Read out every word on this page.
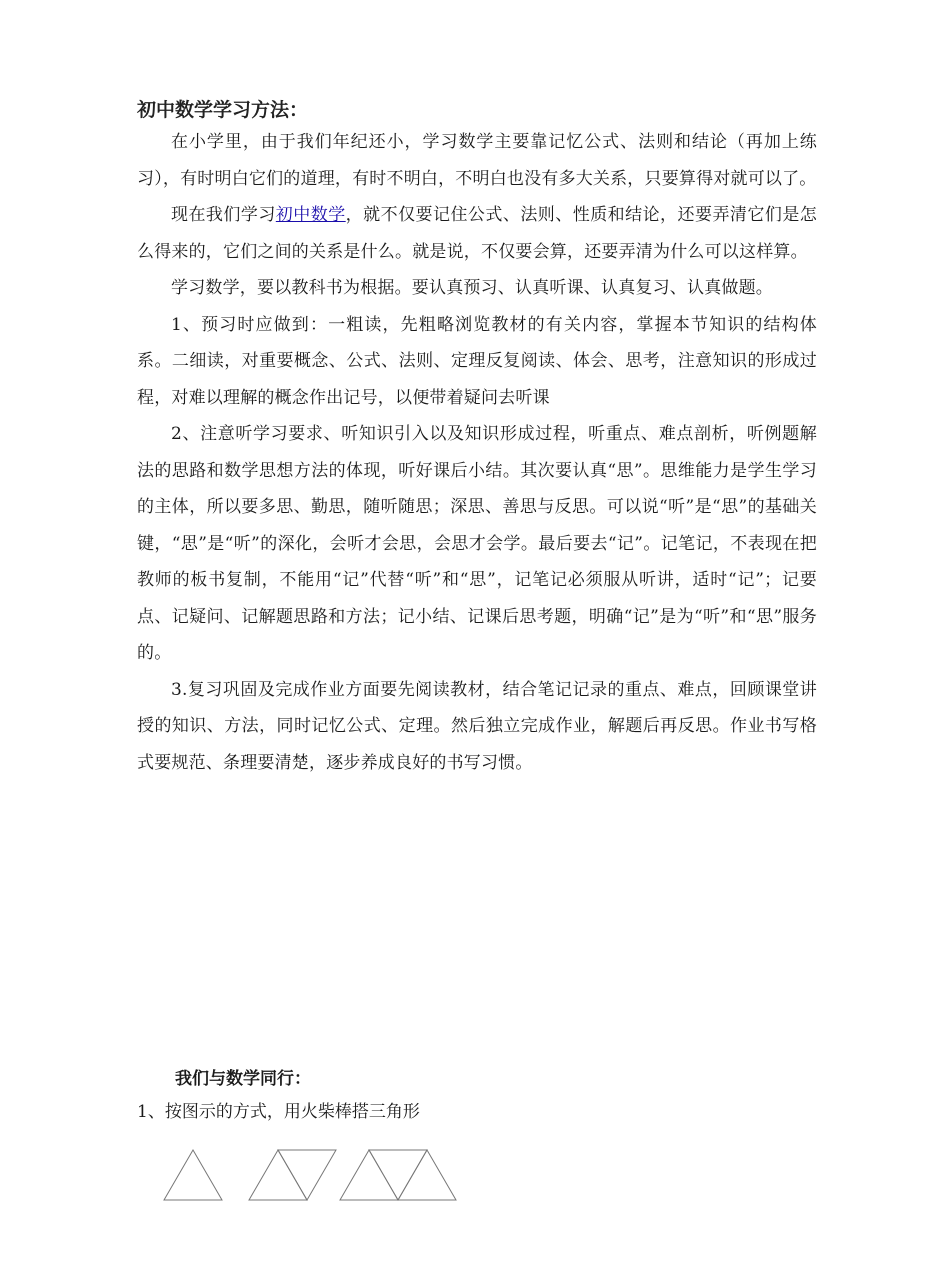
初中数学学习方法：

在小学里，由于我们年纪还小，学习数学主要靠记忆公式、法则和结论（再加上练习），有时明白它们的道理，有时不明白，不明白也没有多大关系，只要算得对就可以了。

现在我们学习初中数学，就不仅要记住公式、法则、性质和结论，还要弄清它们是怎么得来的，它们之间的关系是什么。就是说，不仅要会算，还要弄清为什么可以这样算。

学习数学，要以教科书为根据。要认真预习、认真听课、认真复习、认真做题。

1、预习时应做到：一粗读，先粗略浏览教材的有关内容，掌握本节知识的结构体系。二细读，对重要概念、公式、法则、定理反复阅读、体会、思考，注意知识的形成过程，对难以理解的概念作出记号，以便带着疑问去听课

2、注意听学习要求、听知识引入以及知识形成过程，听重点、难点剖析，听例题解法的思路和数学思想方法的体现，听好课后小结。其次要认真“思”。思维能力是学生学习的主体，所以要多思、勤思，随听随思；深思、善思与反思。可以说“听”是“思”的基础关键，“思”是“听”的深化，会听才会思，会思才会学。最后要去“记”。记笔记，不表现在把教师的板书复制，不能用“记”代替“听”和“思”，记笔记必须服从听讲，适时“记”；记要点、记疑问、记解题思路和方法；记小结、记课后思考题，明确“记”是为“听”和“思”服务的。

3.复习巩固及完成作业方面要先阅读教材，结合笔记记录的重点、难点，回顾课堂讲授的知识、方法，同时记忆公式、定理。然后独立完成作业，解题后再反思。作业书写格式要规范、条理要清楚，逐步养成良好的书写习惯。

我们与数学同行：

1、按图示的方式，用火柴棒搭三角形
